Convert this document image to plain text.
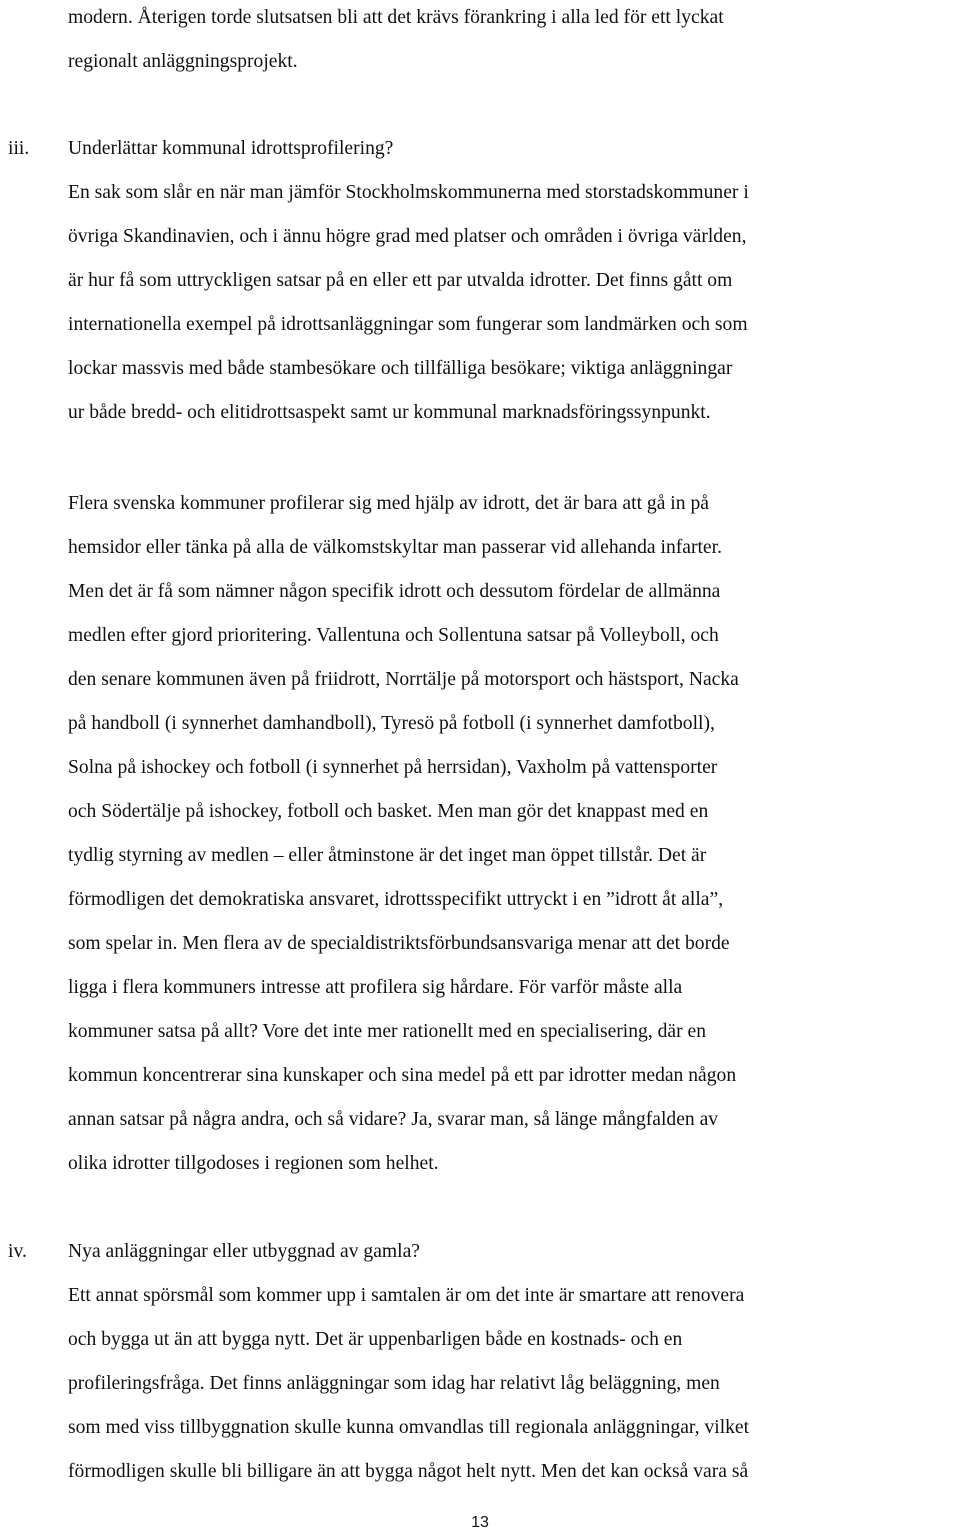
modern. Återigen torde slutsatsen bli att det krävs förankring i alla led för ett lyckat
regionalt anläggningsprojekt.
iii. Underlättar kommunal idrottsprofilering?
En sak som slår en när man jämför Stockholmskommunerna med storstadskommuner i
övriga Skandinavien, och i ännu högre grad med platser och områden i övriga världen,
är hur få som uttryckligen satsar på en eller ett par utvalda idrotter. Det finns gått om
internationella exempel på idrottsanläggningar som fungerar som landmärken och som
lockar massvis med både stambesökare och tillfälliga besökare; viktiga anläggningar
ur både bredd- och elitidrottsaspekt samt ur kommunal marknadsföringssynpunkt.
Flera svenska kommuner profilerar sig med hjälp av idrott, det är bara att gå in på
hemsidor eller tänka på alla de välkomstskyltar man passerar vid allehanda infarter.
Men det är få som nämner någon specifik idrott och dessutom fördelar de allmänna
medlen efter gjord prioritering. Vallentuna och Sollentuna satsar på Volleyboll, och
den senare kommunen även på friidrott, Norrtälje på motorsport och hästsport, Nacka
på handboll (i synnerhet damhandboll), Tyresö på fotboll (i synnerhet damfotboll),
Solna på ishockey och fotboll (i synnerhet på herrsidan), Vaxholm på vattensporter
och Södertälje på ishockey, fotboll och basket. Men man gör det knappast med en
tydlig styrning av medlen – eller åtminstone är det inget man öppet tillstår. Det är
förmodligen det demokratiska ansvaret, idrottsspecifikt uttryckt i en ”idrott åt alla”,
som spelar in. Men flera av de specialdistriktsförbundsansvariga menar att det borde
ligga i flera kommuners intresse att profilera sig hårdare. För varför måste alla
kommuner satsa på allt? Vore det inte mer rationellt med en specialisering, där en
kommun koncentrerar sina kunskaper och sina medel på ett par idrotter medan någon
annan satsar på några andra, och så vidare? Ja, svarar man, så länge mångfalden av
olika idrotter tillgodoses i regionen som helhet.
iv. Nya anläggningar eller utbyggnad av gamla?
Ett annat spörsmål som kommer upp i samtalen är om det inte är smartare att renovera
och bygga ut än att bygga nytt. Det är uppenbarligen både en kostnads- och en
profileringsfråga. Det finns anläggningar som idag har relativt låg beläggning, men
som med viss tillbyggnation skulle kunna omvandlas till regionala anläggningar, vilket
förmodligen skulle bli billigare än att bygga något helt nytt. Men det kan också vara så
13
